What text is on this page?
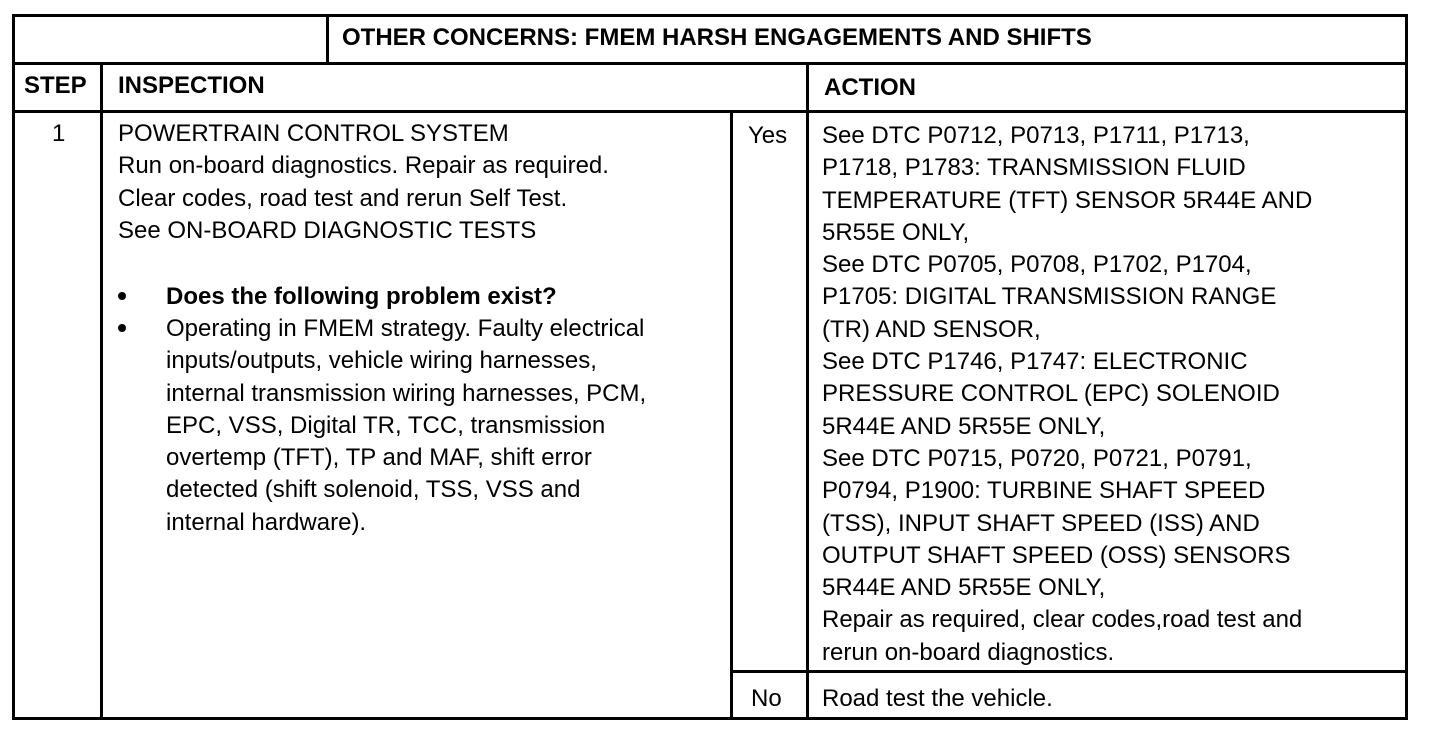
OTHER CONCERNS: FMEM HARSH ENGAGEMENTS AND SHIFTS
STEP INSPECTION	ACTION
1 POWERTRAIN CONTROL SYSTEM
Run on-board diagnostics. Repair as required.
Clear codes, road test and rerun Self Test.
See ON-BOARD DIAGNOSTIC TESTS
Does the following problem exist?
Operating in FMEM strategy. Faulty electrical
inputs/outputs, vehicle wiring harnesses,
internal transmission wiring harnesses, PCM,
EPC, VSS, Digital TR, TCC, transmission
overtemp (TFT), TP and MAF, shift error
detected (shift solenoid, TSS, VSS and
internal hardware).
Yes
No
See DTC P0712, P0713, P1711, P1713,
P1718, P1783: TRANSMISSION FLUID
TEMPERATURE (TFT) SENSOR 5R44E AND
5R55E ONLY,
See DTC P0705, P0708, P1702, P1704,
P1705: DIGITAL TRANSMISSION RANGE
(TR) AND SENSOR,
See DTC P1746, P1747: ELECTRONIC
PRESSURE CONTROL (EPC) SOLENOID
5R44E AND 5R55E ONLY,
See DTC P0715, P0720, P0721, P0791,
P0794, P1900: TURBINE SHAFT SPEED
(TSS), INPUT SHAFT SPEED (ISS) AND
OUTPUT SHAFT SPEED (OSS) SENSORS
5R44E AND 5R55E ONLY,
Repair as required, clear codes,road test and
rerun on-board diagnostics.
Road test the vehicle.
